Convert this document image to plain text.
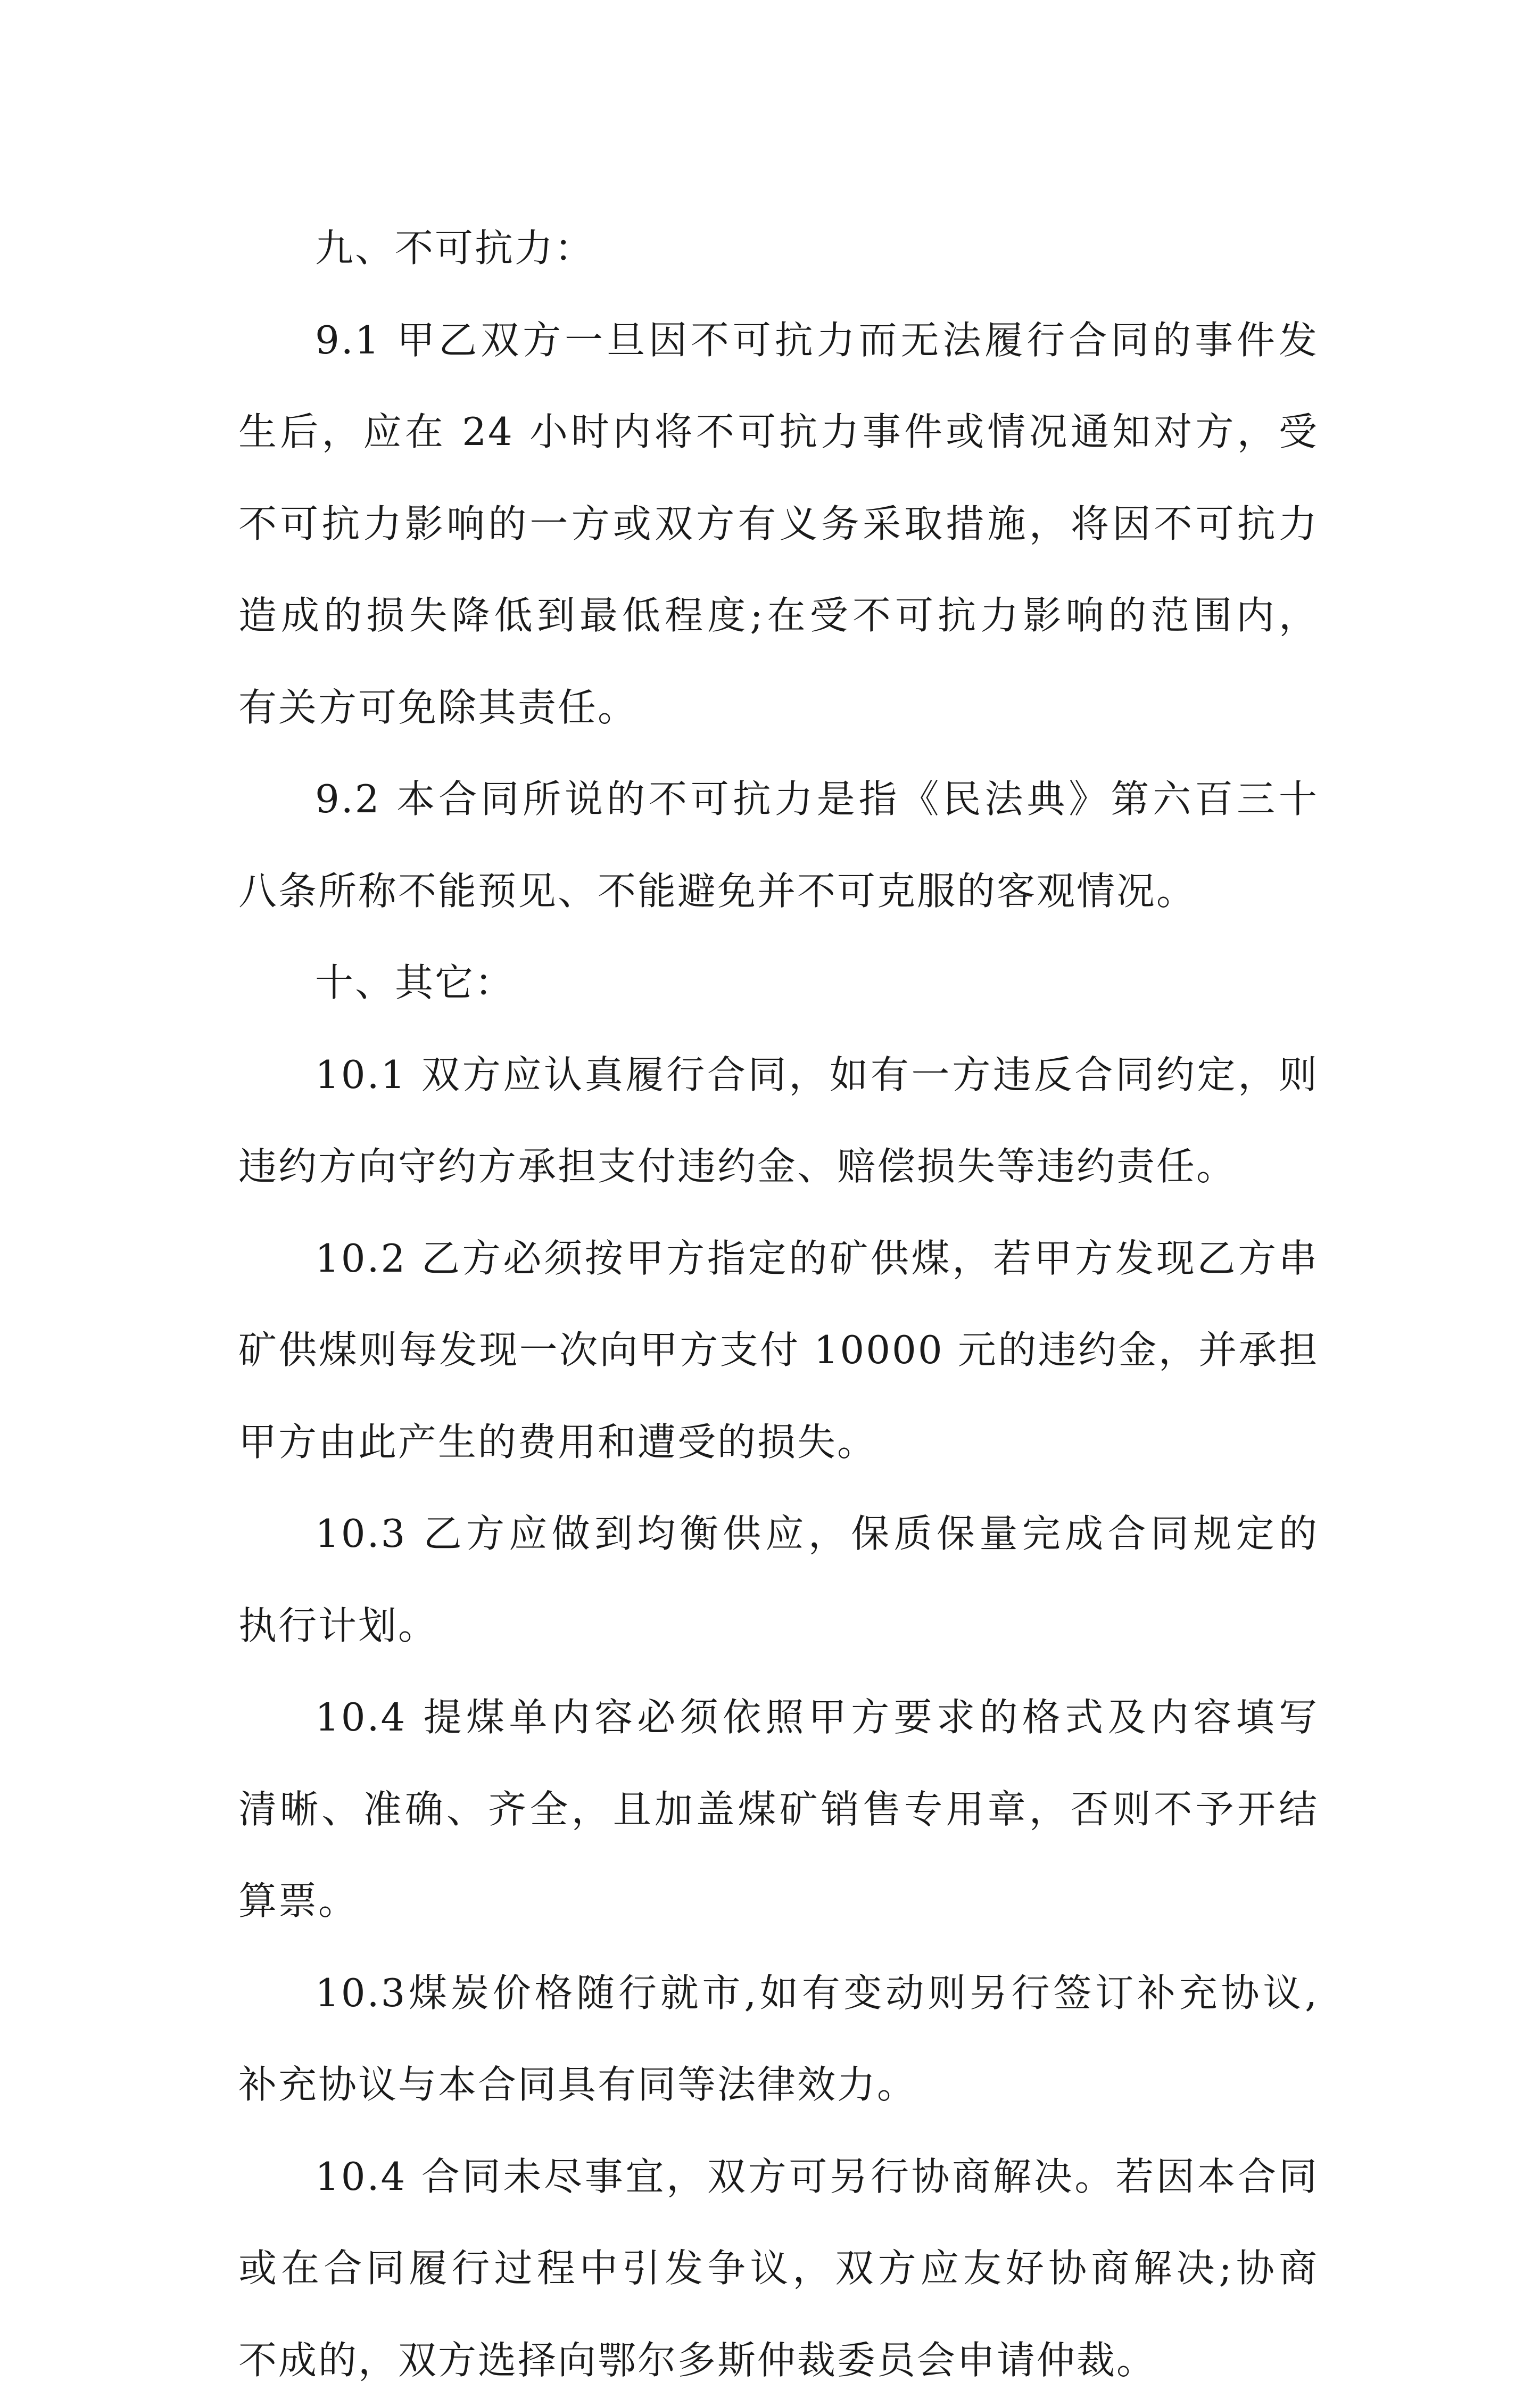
九、不可抗力：
9.1 甲乙双方一旦因不可抗力而无法履行合同的事件发
生后，应在 24 小时内将不可抗力事件或情况通知对方，受
不可抗力影响的一方或双方有义务采取措施，将因不可抗力
造成的损失降低到最低程度;在受不可抗力影响的范围内，
有关方可免除其责任。
9.2 本合同所说的不可抗力是指《民法典》第六百三十
八条所称不能预见、不能避免并不可克服的客观情况。
十、其它：
10.1 双方应认真履行合同，如有一方违反合同约定，则
违约方向守约方承担支付违约金、赔偿损失等违约责任。
10.2 乙方必须按甲方指定的矿供煤，若甲方发现乙方串
矿供煤则每发现一次向甲方支付 10000 元的违约金，并承担
甲方由此产生的费用和遭受的损失。
10.3 乙方应做到均衡供应，保质保量完成合同规定的
执行计划。
10.4 提煤单内容必须依照甲方要求的格式及内容填写
清晰、准确、齐全，且加盖煤矿销售专用章，否则不予开结
算票。
10.3煤炭价格随行就市,如有变动则另行签订补充协议,
补充协议与本合同具有同等法律效力。
10.4 合同未尽事宜，双方可另行协商解决。若因本合同
或在合同履行过程中引发争议，双方应友好协商解决;协商
不成的，双方选择向鄂尔多斯仲裁委员会申请仲裁。
